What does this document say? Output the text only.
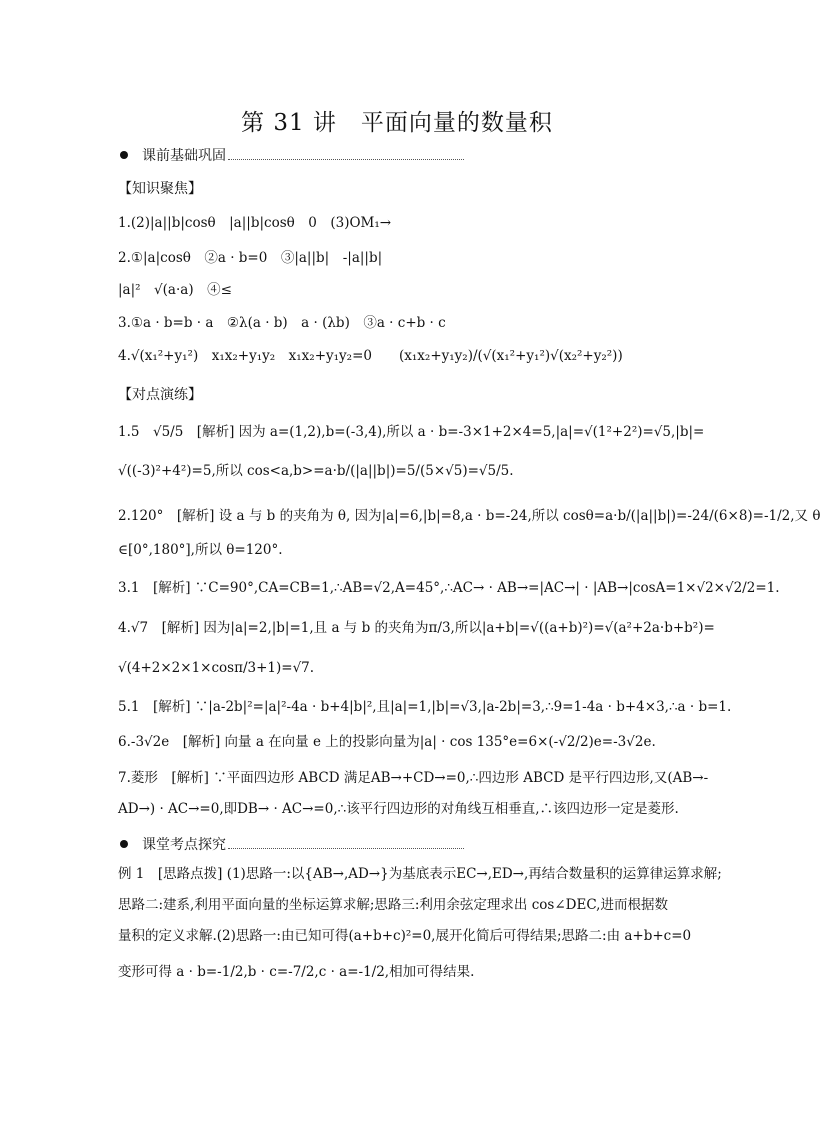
第 31 讲　平面向量的数量积
课前基础巩固
【知识聚焦】
1.(2)|a||b|cosθ　|a||b|cosθ　0　(3)OM₁→
2.①|a|cosθ　②a · b=0　③|a||b|　-|a||b|
|a|²　√(a·a)　④≤
3.①a · b=b · a　②λ(a · b)　a · (λb)　③a · c+b · c
4.√(x₁²+y₁²)　x₁x₂+y₁y₂　x₁x₂+y₁y₂=0　　(x₁x₂+y₁y₂)/(√(x₁²+y₁²)√(x₂²+y₂²))
【对点演练】
1.5　√5/5　[解析] 因为 a=(1,2),b=(-3,4),所以 a · b=-3×1+2×4=5,|a|=√(1²+2²)=√5,|b|=
√((-3)²+4²)=5,所以 cos<a,b>=a·b/(|a||b|)=5/(5×√5)=√5/5.
2.120°　[解析] 设 a 与 b 的夹角为 θ, 因为|a|=6,|b|=8,a · b=-24,所以 cosθ=a·b/(|a||b|)=-24/(6×8)=-1/2,又 θ
∈[0°,180°],所以 θ=120°.
3.1　[解析] ∵C=90°,CA=CB=1,∴AB=√2,A=45°,∴AC→ · AB→=|AC→| · |AB→|cosA=1×√2×√2/2=1.
4.√7　[解析] 因为|a|=2,|b|=1,且 a 与 b 的夹角为π/3,所以|a+b|=√((a+b)²)=√(a²+2a·b+b²)=
√(4+2×2×1×cosπ/3+1)=√7.
5.1　[解析] ∵|a-2b|²=|a|²-4a · b+4|b|²,且|a|=1,|b|=√3,|a-2b|=3,∴9=1-4a · b+4×3,∴a · b=1.
6.-3√2e　[解析] 向量 a 在向量 e 上的投影向量为|a| · cos 135°e=6×(-√2/2)e=-3√2e.
7.菱形　[解析] ∵平面四边形 ABCD 满足AB→+CD→=0,∴四边形 ABCD 是平行四边形,又(AB→-
AD→) · AC→=0,即DB→ · AC→=0,∴该平行四边形的对角线互相垂直,∴该四边形一定是菱形.
课堂考点探究
例 1　[思路点拨] (1)思路一:以{AB→,AD→}为基底表示EC→,ED→,再结合数量积的运算律运算求解;
思路二:建系,利用平面向量的坐标运算求解;思路三:利用余弦定理求出 cos∠DEC,进而根据数
量积的定义求解.(2)思路一:由已知可得(a+b+c)²=0,展开化简后可得结果;思路二:由 a+b+c=0
变形可得 a · b=-1/2,b · c=-7/2,c · a=-1/2,相加可得结果.
